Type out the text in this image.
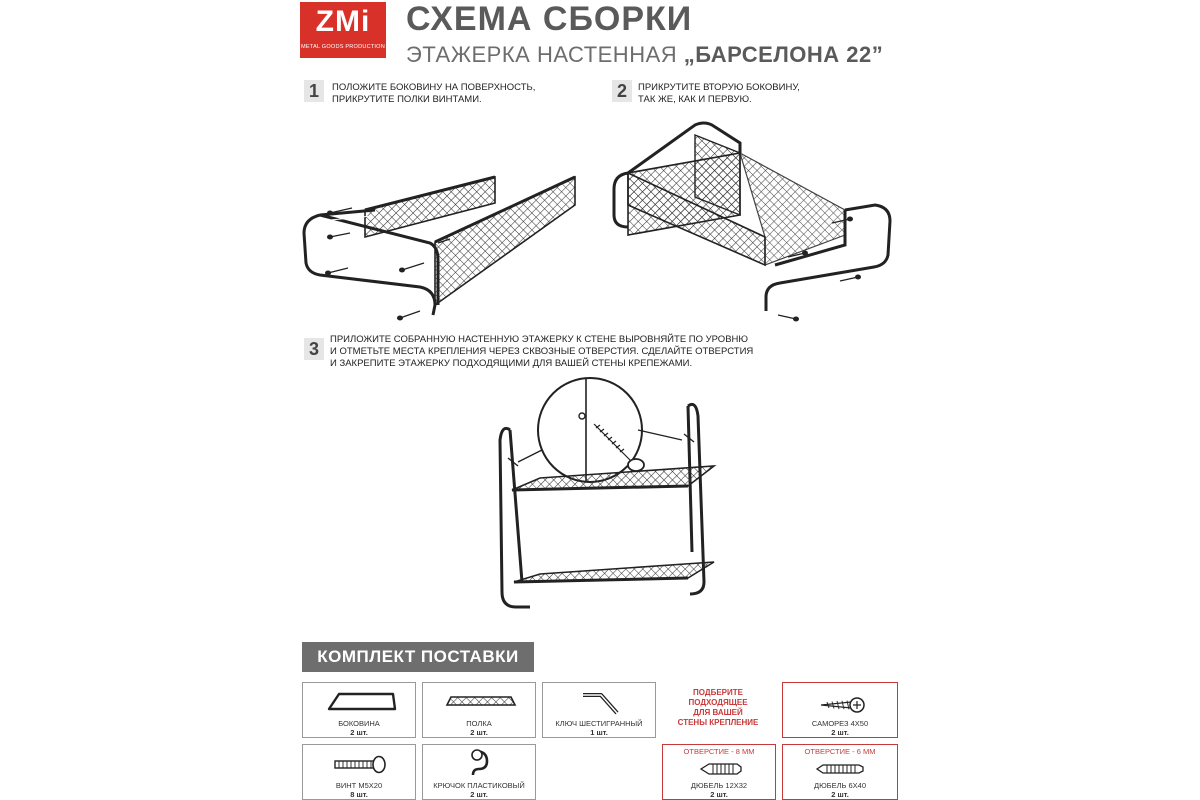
ZMi
METAL GOODS PRODUCTION
СХЕМА СБОРКИ
ЭТАЖЕРКА НАСТЕННАЯ „БАРСЕЛОНА 22”
1	ПОЛОЖИТЕ БОКОВИНУ НА ПОВЕРХНОСТЬ,
ПРИКРУТИТЕ ПОЛКИ ВИНТАМИ.	2	ПРИКРУТИТЕ ВТОРУЮ БОКОВИНУ,
ТАК ЖЕ, КАК И ПЕРВУЮ.
3	ПРИЛОЖИТЕ СОБРАННУЮ НАСТЕННУЮ ЭТАЖЕРКУ К СТЕНЕ ВЫРОВНЯЙТЕ ПО УРОВНЮ
И ОТМЕТЬТЕ МЕСТА КРЕПЛЕНИЯ ЧЕРЕЗ СКВОЗНЫЕ ОТВЕРСТИЯ. СДЕЛАЙТЕ ОТВЕРСТИЯ
И ЗАКРЕПИТЕ ЭТАЖЕРКУ ПОДХОДЯЩИМИ ДЛЯ ВАШЕЙ СТЕНЫ КРЕПЕЖАМИ.
КОМПЛЕКТ ПОСТАВКИ
БОКОВИНА
2 шт.
ПОЛКА
2 шт.
КЛЮЧ ШЕСТИГРАННЫЙ
1 шт.
ВИНТ М5Х20
8 шт.
КРЮЧОК ПЛАСТИКОВЫЙ
2 шт.
ПОДБЕРИТЕ
ПОДХОДЯЩЕЕ
ДЛЯ ВАШЕЙ
СТЕНЫ КРЕПЛЕНИЕ	САМОРЕЗ 4Х50
2 шт.
ОТВЕРСТИЕ - 8 ММ
ДЮБЕЛЬ 12Х32
2 шт.
ОТВЕРСТИЕ - 6 ММ
ДЮБЕЛЬ 6Х40
2 шт.
